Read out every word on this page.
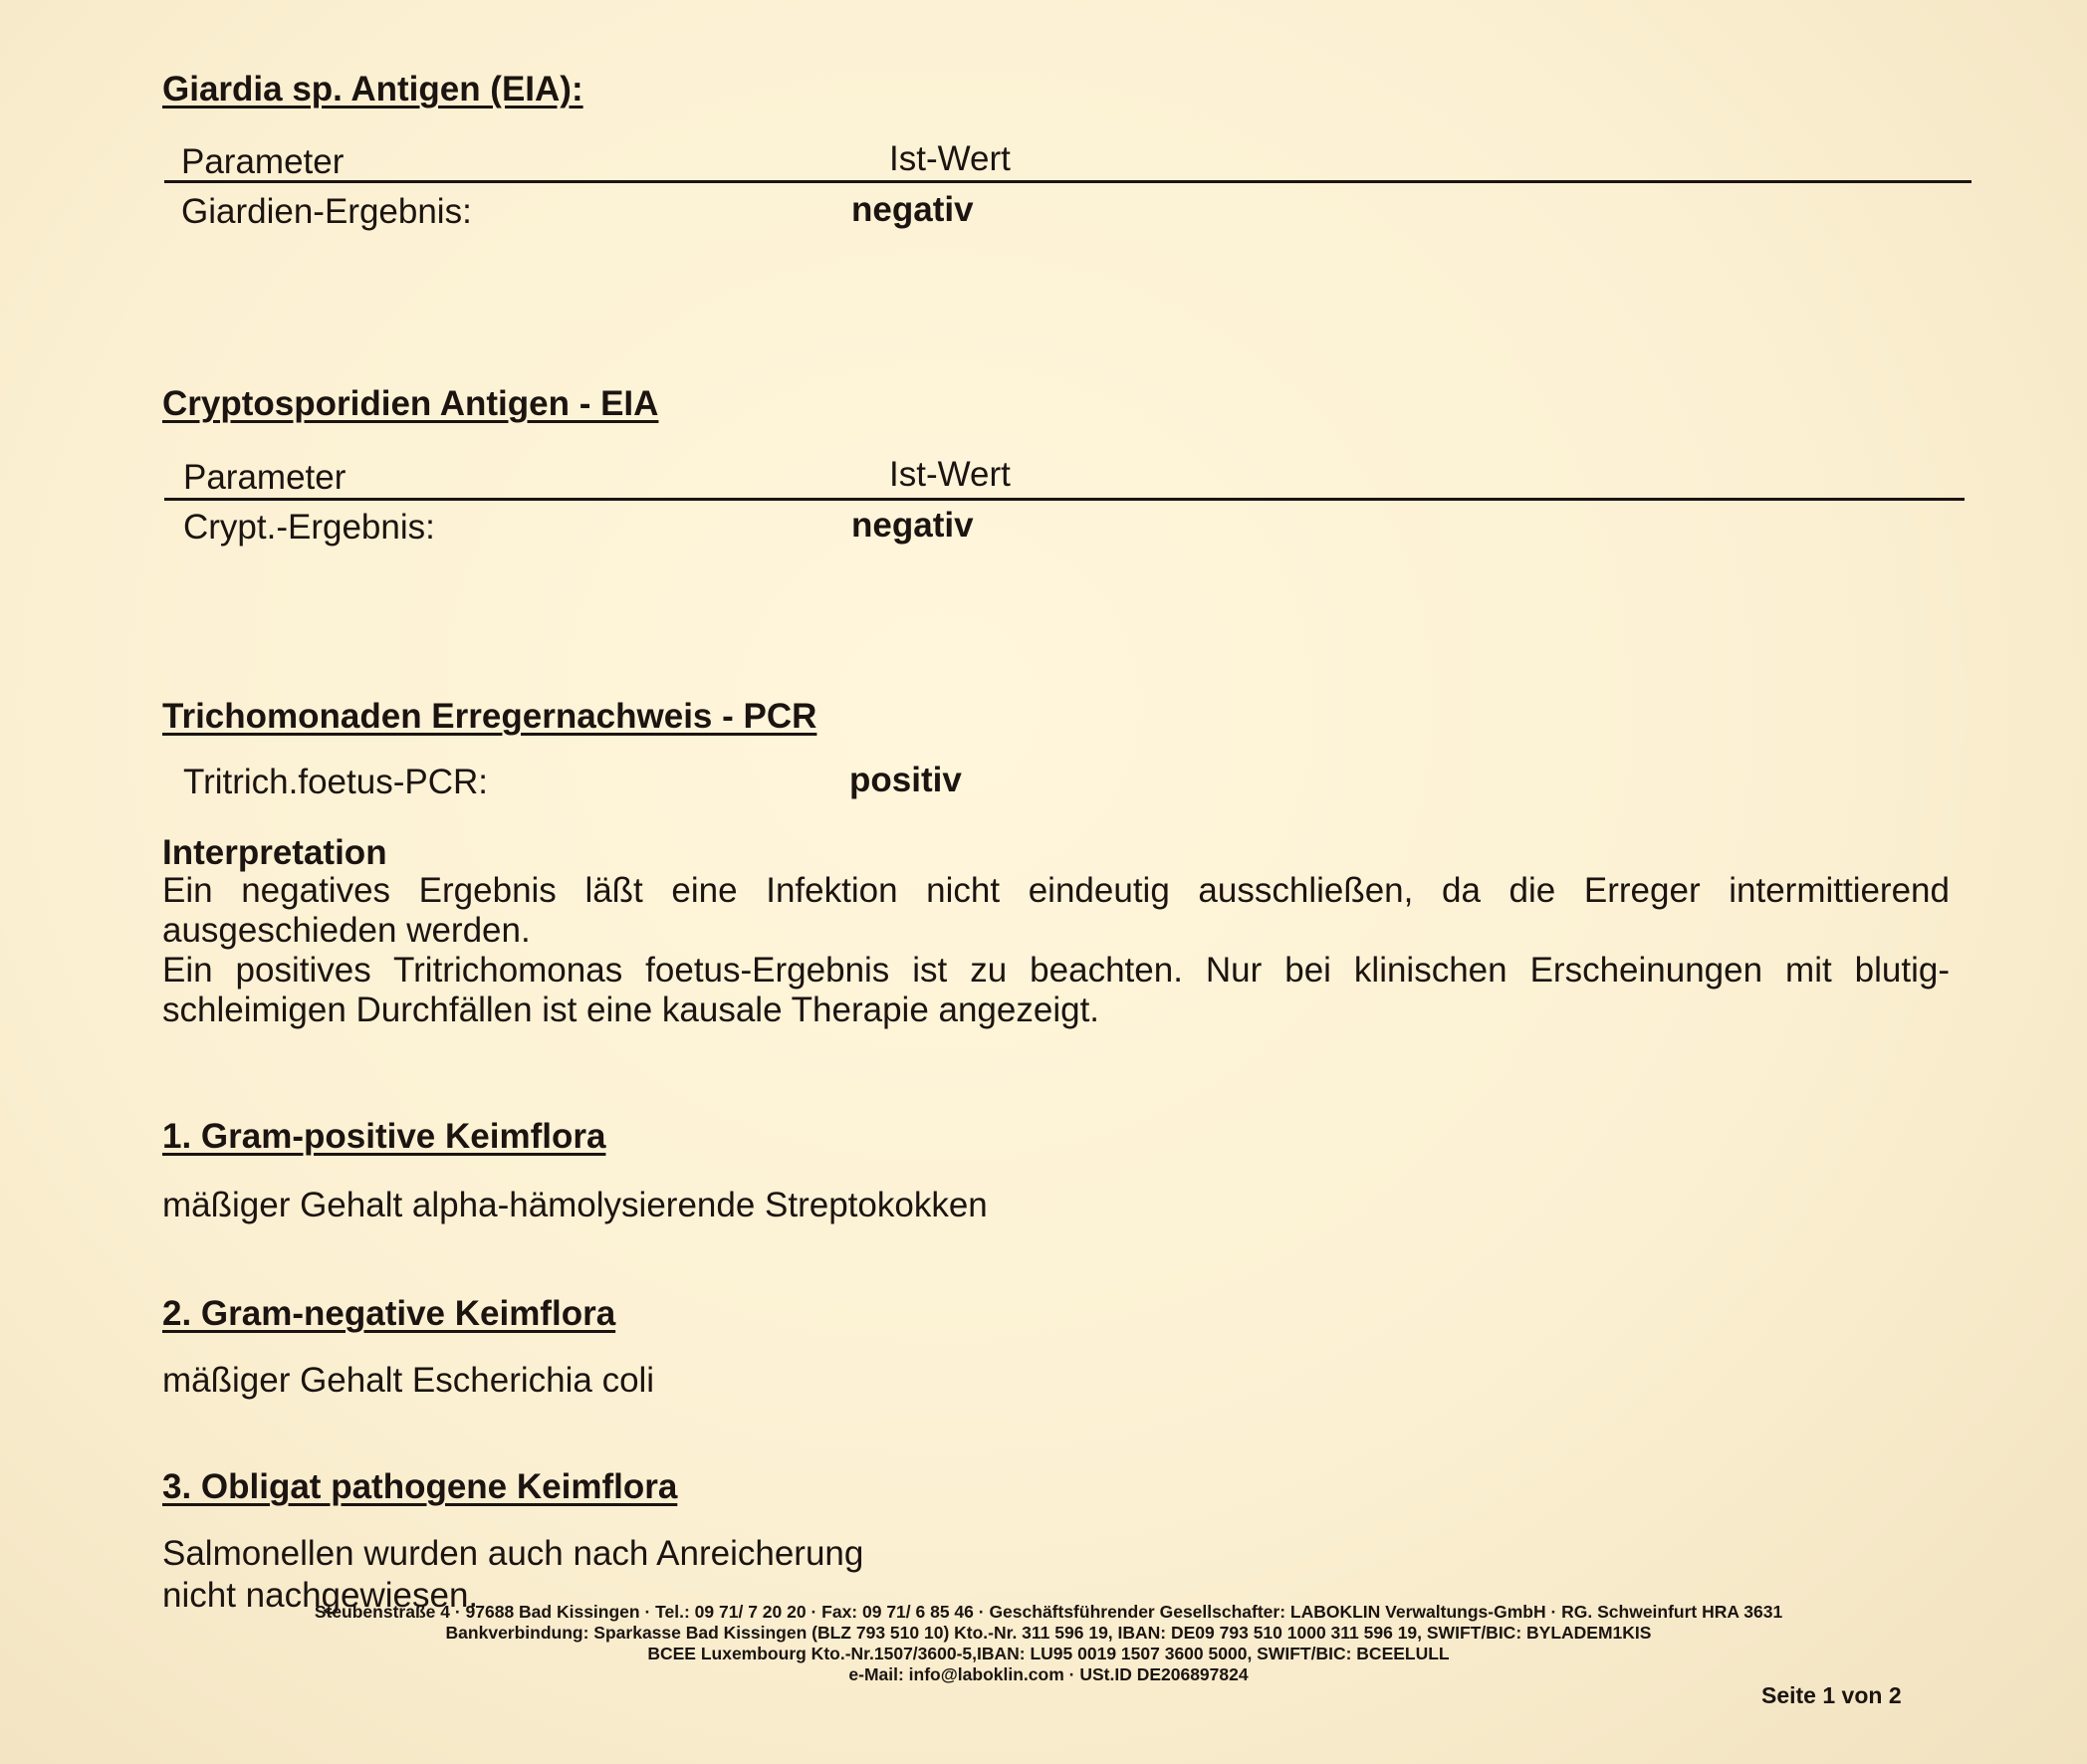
Giardia sp. Antigen (EIA):
Parameter	Ist-Wert
Giardien-Ergebnis:	negativ
Cryptosporidien Antigen - EIA
Parameter	Ist-Wert
Crypt.-Ergebnis:	negativ
Trichomonaden Erregernachweis - PCR
Tritrich.foetus-PCR:	positiv
Interpretation
Ein negatives Ergebnis läßt eine Infektion nicht eindeutig ausschließen, da die Erreger intermittierend ausgeschieden werden.
Ein positives Tritrichomonas foetus-Ergebnis ist zu beachten. Nur bei klinischen Erscheinungen mit blutig-schleimigen Durchfällen ist eine kausale Therapie angezeigt.
1. Gram-positive Keimflora
mäßiger Gehalt alpha-hämolysierende Streptokokken
2. Gram-negative Keimflora
mäßiger Gehalt Escherichia coli
3. Obligat pathogene Keimflora
Salmonellen wurden auch nach Anreicherung
nicht nachgewiesen.
Steubenstraße 4 · 97688 Bad Kissingen · Tel.: 09 71/ 7 20 20 · Fax: 09 71/ 6 85 46 · Geschäftsführender Gesellschafter: LABOKLIN Verwaltungs-GmbH · RG. Schweinfurt HRA 3631
Bankverbindung: Sparkasse Bad Kissingen (BLZ 793 510 10) Kto.-Nr. 311 596 19, IBAN: DE09 793 510 1000 311 596 19, SWIFT/BIC: BYLADEM1KIS
BCEE Luxembourg Kto.-Nr.1507/3600-5,IBAN: LU95 0019 1507 3600 5000, SWIFT/BIC: BCEELULL
e-Mail: info@laboklin.com · USt.ID DE206897824
Seite 1 von 2
